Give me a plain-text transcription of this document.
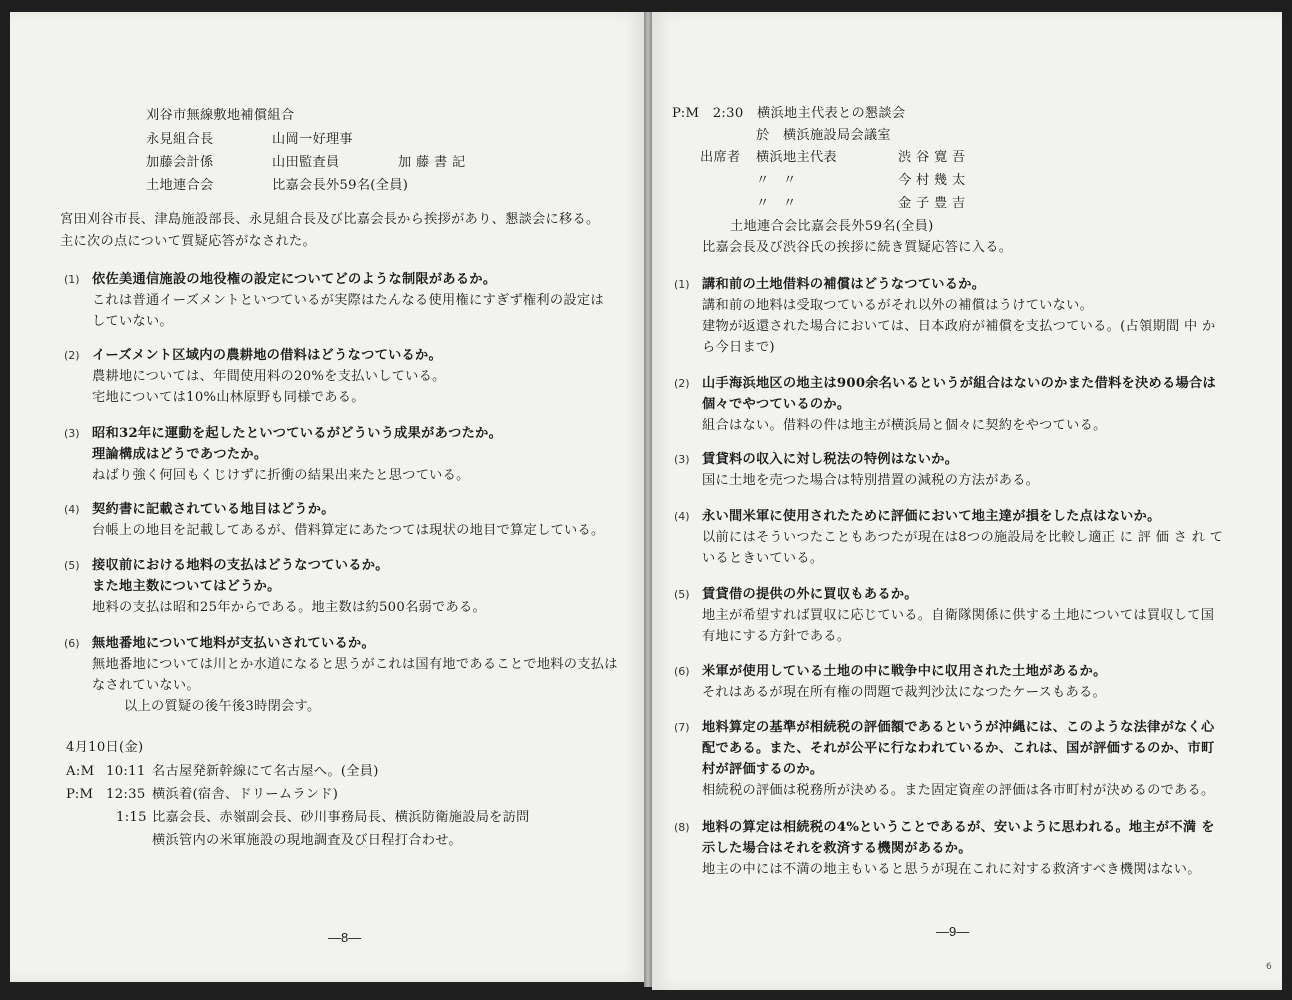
刈谷市無線敷地補償組合
永見組合長	山岡一好理事
加藤会計係	山田監査員	加 藤 書 記
土地連合会	比嘉会長外59名(全員)
宮田刈谷市長、津島施設部長、永見組合長及び比嘉会長から挨拶があり、懇談会に移る。
主に次の点について質疑応答がなされた。
(1) 依佐美通信施設の地役権の設定についてどのような制限があるか。
これは普通イーズメントといつているが実際はたんなる使用権にすぎず権利の設定は
していない。
(2) イーズメント区域内の農耕地の借料はどうなつているか。
農耕地については、年間使用料の20%を支払いしている。
宅地については10%山林原野も同様である。
(3) 昭和32年に運動を起したといつているがどういう成果があつたか。
理論構成はどうであつたか。
ねばり強く何回もくじけずに折衝の結果出来たと思つている。
(4) 契約書に記載されている地目はどうか。
台帳上の地目を記載してあるが、借料算定にあたつては現状の地目で算定している。
(5) 接収前における地料の支払はどうなつているか。
また地主数についてはどうか。
地料の支払は昭和25年からである。地主数は約500名弱である。
(6) 無地番地について地料が支払いされているか。
無地番地については川とか水道になると思うがこれは国有地であることで地料の支払は
なされていない。
以上の質疑の後午後3時閉会す。
4月10日(金)
A:M 10:11 名古屋発新幹線にて名古屋へ。(全員)
P:M 12:35 横浜着(宿舎、ドリームランド)
1:15 比嘉会長、赤嶺副会長、砂川事務局長、横浜防衛施設局を訪問
横浜管内の米軍施設の現地調査及び日程打合わせ。
—8—
P:M　2:30　横浜地主代表との懇談会
於　横浜施設局会議室
出席者 横浜地主代表	渋 谷 寛 吾
〃　〃	今 村 幾 太
〃　〃	金 子 豊 吉
土地連合会比嘉会長外59名(全員)
比嘉会長及び渋谷氏の挨拶に続き質疑応答に入る。
(1) 講和前の土地借料の補償はどうなつているか。
講和前の地料は受取つているがそれ以外の補償はうけていない。
建物が返還された場合においては、日本政府が補償を支払つている。(占領期間 中 か
ら今日まで)
(2) 山手海浜地区の地主は900余名いるというが組合はないのかまた借料を決める場合は
個々でやつているのか。
組合はない。借料の件は地主が横浜局と個々に契約をやつている。
(3) 賃貸料の収入に対し税法の特例はないか。
国に土地を売つた場合は特別措置の減税の方法がある。
(4) 永い間米軍に使用されたために評価において地主達が損をした点はないか。
以前にはそういつたこともあつたが現在は8つの施設局を比較し適正 に 評 価 さ れ て
いるときいている。
(5) 賃貸借の提供の外に買収もあるか。
地主が希望すれば買収に応じている。自衛隊関係に供する土地については買収して国
有地にする方針である。
(6) 米軍が使用している土地の中に戦争中に収用された土地があるか。
それはあるが現在所有権の問題で裁判沙汰になつたケースもある。
(7) 地料算定の基準が相続税の評価額であるというが沖縄には、このような法律がなく心
配である。また、それが公平に行なわれているか、これは、国が評価するのか、市町
村が評価するのか。
相続税の評価は税務所が決める。また固定資産の評価は各市町村が決めるのである。
(8) 地料の算定は相続税の4%ということであるが、安いように思われる。地主が不満 を
示した場合はそれを救済する機関があるか。
地主の中には不満の地主もいると思うが現在これに対する救済すべき機関はない。
—9—
6
